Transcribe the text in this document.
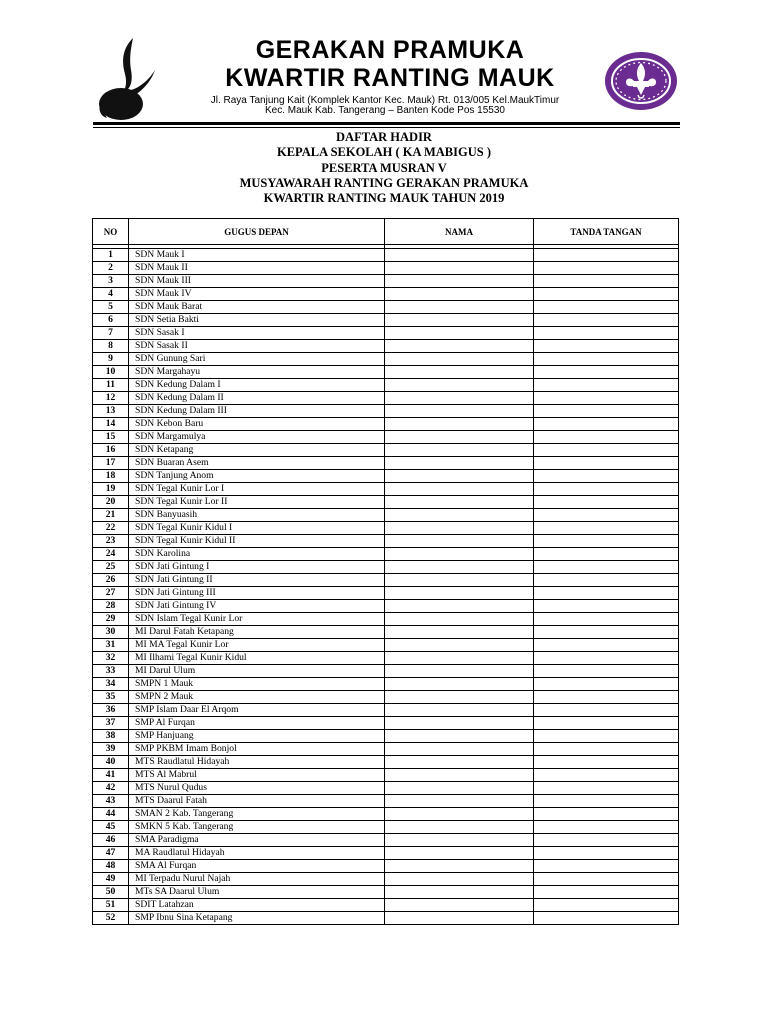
GERAKAN PRAMUKA
KWARTIR RANTING MAUK
Jl. Raya Tanjung Kait (Komplek Kantor Kec. Mauk) Rt. 013/005 Kel.MaukTimur
Kec. Mauk Kab. Tangerang – Banten Kode Pos 15530
DAFTAR HADIR
KEPALA SEKOLAH ( KA MABIGUS )
PESERTA MUSRAN V
MUSYAWARAH RANTING GERAKAN PRAMUKA
KWARTIR RANTING MAUK TAHUN 2019
NO	GUGUS DEPAN	NAMA	TANDA TANGAN

1	SDN Mauk I		
2	SDN Mauk II		
3	SDN Mauk III		
4	SDN Mauk IV		
5	SDN Mauk Barat		
6	SDN Setia Bakti		
7	SDN Sasak I		
8	SDN Sasak II		
9	SDN Gunung Sari		
10	SDN Margahayu		
11	SDN Kedung Dalam I		
12	SDN Kedung Dalam II		
13	SDN Kedung Dalam III		
14	SDN Kebon Baru		
15	SDN Margamulya		
16	SDN Ketapang		
17	SDN Buaran Asem		
18	SDN Tanjung Anom		
19	SDN Tegal Kunir Lor I		
20	SDN Tegal Kunir Lor II		
21	SDN Banyuasih		
22	SDN Tegal Kunir Kidul I		
23	SDN Tegal Kunir Kidul II		
24	SDN Karolina		
25	SDN Jati Gintung I		
26	SDN Jati Gintung II		
27	SDN Jati Gintung III		
28	SDN Jati Gintung IV		
29	SDN Islam Tegal Kunir Lor		
30	MI Darul Fatah Ketapang		
31	MI MA Tegal Kunir Lor		
32	MI Ilhami Tegal Kunir Kidul		
33	MI Darul Ulum		
34	SMPN 1 Mauk		
35	SMPN 2 Mauk		
36	SMP Islam Daar El Arqom		
37	SMP Al Furqan		
38	SMP Hanjuang		
39	SMP PKBM Imam Bonjol		
40	MTS Raudlatul Hidayah		
41	MTS Al Mabrul		
42	MTS Nurul Qudus		
43	MTS Daarul Fatah		
44	SMAN 2 Kab. Tangerang		
45	SMKN 5 Kab. Tangerang		
46	SMA Paradigma		
47	MA Raudlatul Hidayah		
48	SMA Al Furqan		
49	MI Terpadu Nurul Najah		
50	MTs SA Daarul Ulum		
51	SDIT Latahzan		
52	SMP Ibnu Sina Ketapang		
